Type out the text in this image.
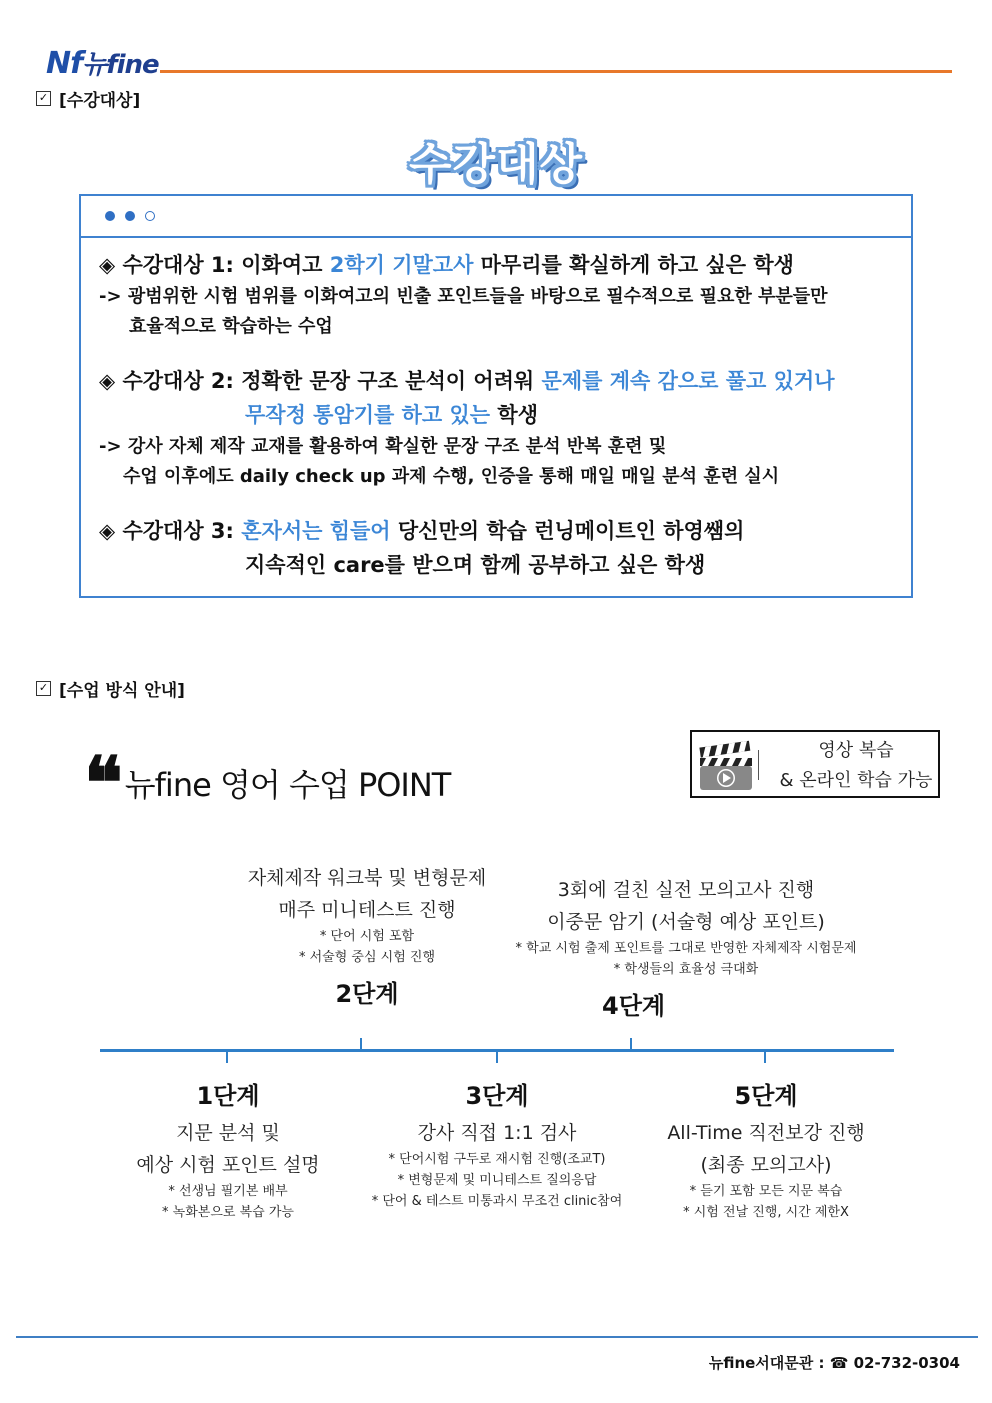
Nf 뉴fine
✓ [수강대상]
수강대상
◈ 수강대상 1: 이화여고 2학기 기말고사 마무리를 확실하게 하고 싶은 학생
-> 광범위한 시험 범위를 이화여고의 빈출 포인트들을 바탕으로 필수적으로 필요한 부분들만
효율적으로 학습하는 수업
◈ 수강대상 2: 정확한 문장 구조 분석이 어려워 문제를 계속 감으로 풀고 있거나
무작정 통암기를 하고 있는 학생
-> 강사 자체 제작 교재를 활용하여 확실한 문장 구조 분석 반복 훈련 및
수업 이후에도 daily check up 과제 수행, 인증을 통해 매일 매일 분석 훈련 실시
◈ 수강대상 3: 혼자서는 힘들어 당신만의 학습 런닝메이트인 하영쌤의
지속적인 care를 받으며 함께 공부하고 싶은 학생
✓ [수업 방식 안내]
❝ 뉴fine 영어 수업 POINT
영상 복습
& 온라인 학습 가능
자체제작 워크북 및 변형문제
매주 미니테스트 진행
* 단어 시험 포함
* 서술형 중심 시험 진행
2단계
3회에 걸친 실전 모의고사 진행
이중문 암기 (서술형 예상 포인트)
* 학교 시험 출제 포인트를 그대로 반영한 자체제작 시험문제
* 학생들의 효율성 극대화
4단계
1단계
지문 분석 및
예상 시험 포인트 설명
* 선생님 필기본 배부
* 녹화본으로 복습 가능
3단계
강사 직접 1:1 검사
* 단어시험 구두로 재시험 진행(조교T)
* 변형문제 및 미니테스트 질의응답
* 단어 & 테스트 미통과시 무조건 clinic참여
5단계
All-Time 직전보강 진행
(최종 모의고사)
* 듣기 포함 모든 지문 복습
* 시험 전날 진행, 시간 제한X
뉴fine서대문관 : ☎ 02-732-0304
